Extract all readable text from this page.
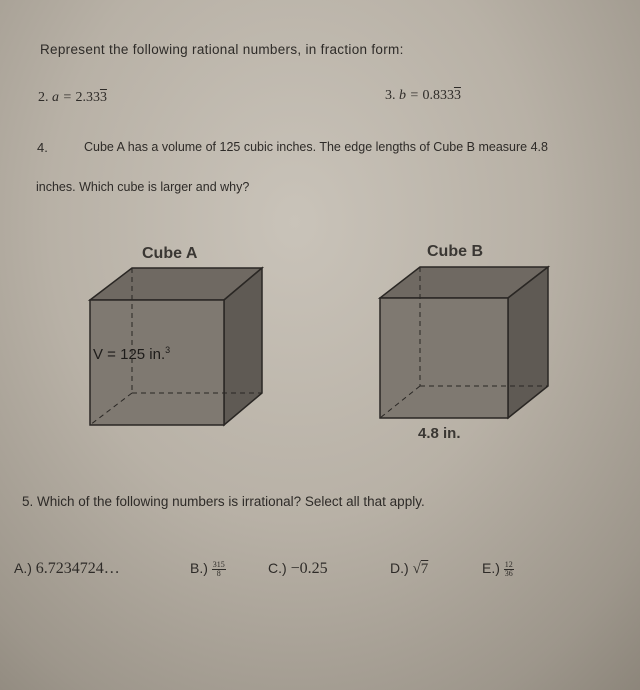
Represent the following rational numbers, in fraction form:
2. a = 2.333	3. b = 0.8333
4.	Cube A has a volume of 125 cubic inches. The edge lengths of Cube B measure 4.8
inches. Which cube is larger and why?
Cube A	Cube B
V = 125 in.$^3$
4.8 in.
5. Which of the following numbers is irrational? Select all that apply.
A.) 6.7234724…	$B.) \frac{315}{8}$	C.) −0.25	D.) √7	$E.) \frac{12}{36}$
